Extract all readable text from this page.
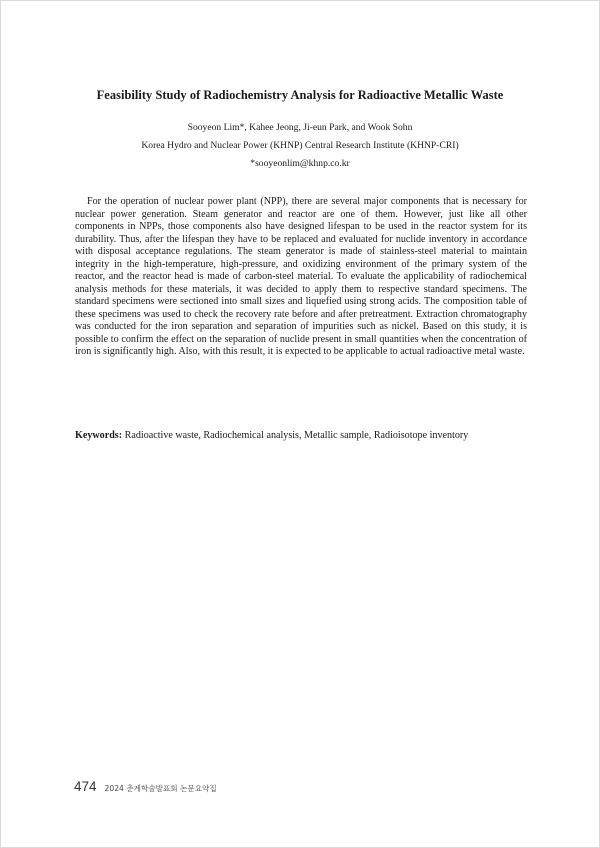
Feasibility Study of Radiochemistry Analysis for Radioactive Metallic Waste
Sooyeon Lim*, Kahee Jeong, Ji-eun Park, and Wook Sohn
Korea Hydro and Nuclear Power (KHNP) Central Research Institute (KHNP-CRI)
*sooyeonlim@khnp.co.kr

For the operation of nuclear power plant (NPP), there are several major components that is necessary for nuclear power generation. Steam generator and reactor are one of them. However, just like all other components in NPPs, those components also have designed lifespan to be used in the reactor system for its durability. Thus, after the lifespan they have to be replaced and evaluated for nuclide inventory in accordance with disposal acceptance regulations. The steam generator is made of stainless-steel material to maintain integrity in the high-temperature, high-pressure, and oxidizing environment of the primary system of the reactor, and the reactor head is made of carbon-steel material. To evaluate the applicability of radiochemical analysis methods for these materials, it was decided to apply them to respective standard specimens. The standard specimens were sectioned into small sizes and liquefied using strong acids. The composition table of these specimens was used to check the recovery rate before and after pretreatment. Extraction chromatography was conducted for the iron separation and separation of impurities such as nickel. Based on this study, it is possible to confirm the effect on the separation of nuclide present in small quantities when the concentration of iron is significantly high. Also, with this result, it is expected to be applicable to actual radioactive metal waste.

Keywords: Radioactive waste, Radiochemical analysis, Metallic sample, Radioisotope inventory

474 2024 춘계학술발표회 논문요약집
